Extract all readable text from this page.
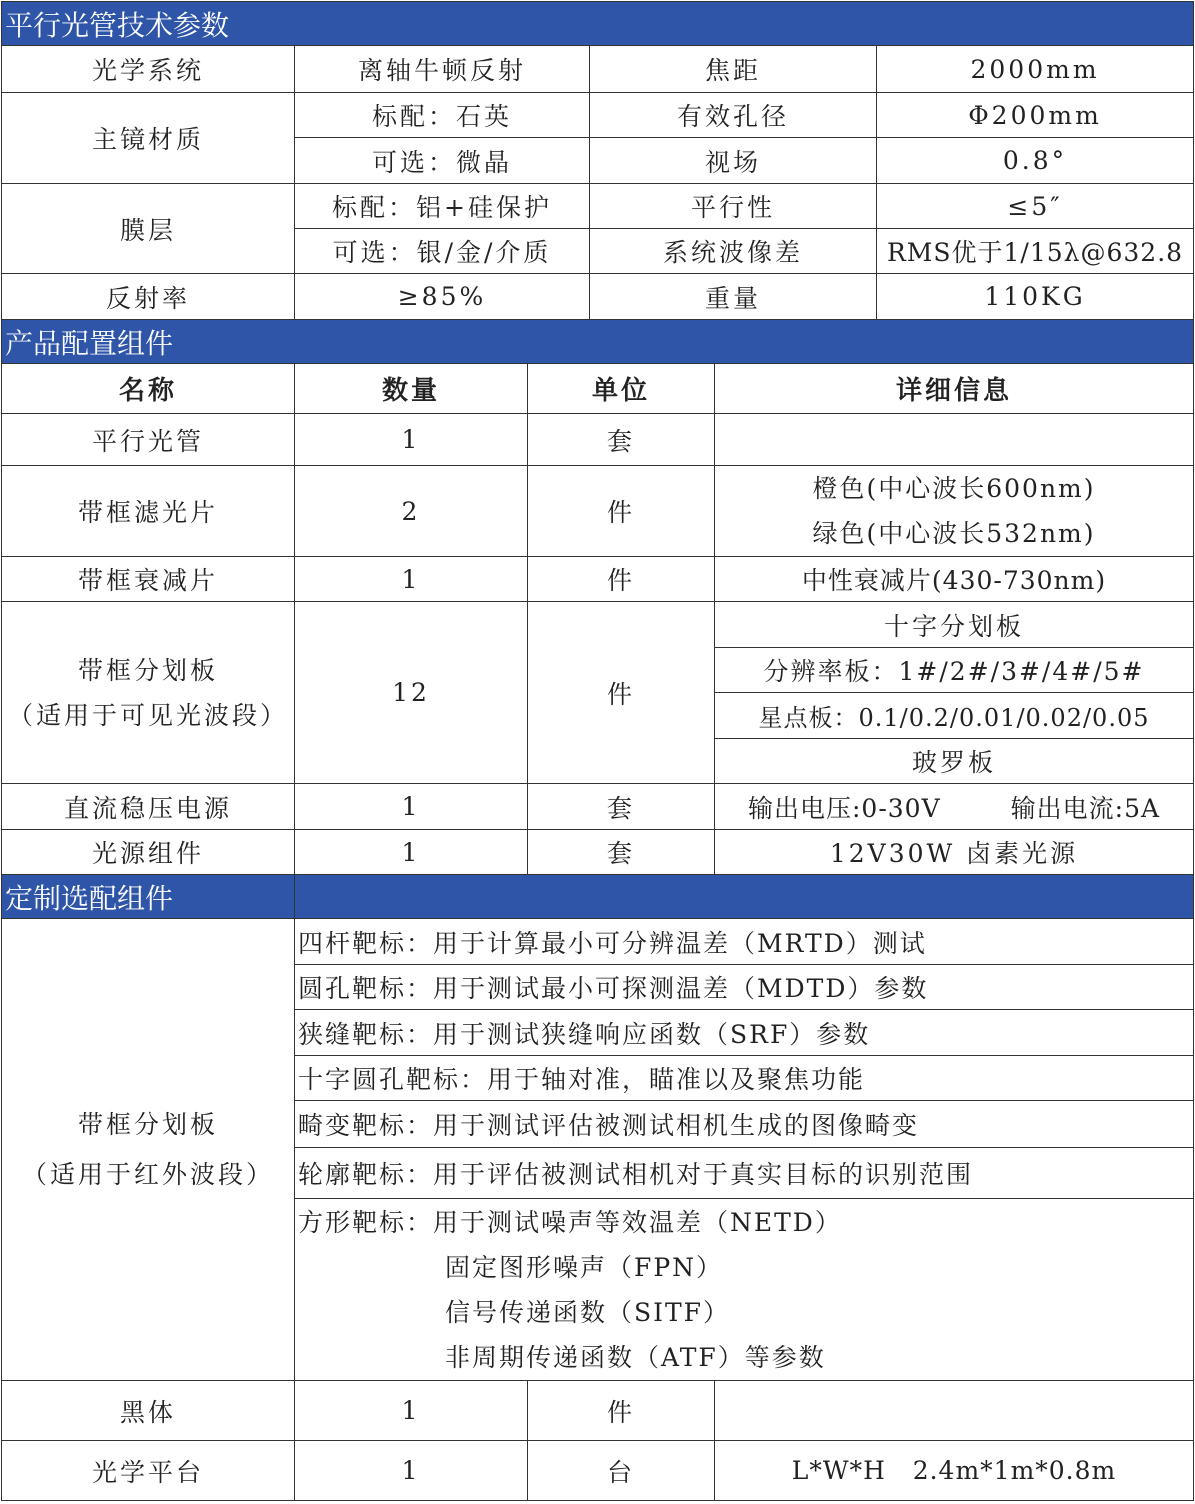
平行光管技术参数					
光学系统	离轴牛顿反射		焦距		2000mm
主镜材质	标配：石英		有效孔径		Φ200mm
	可选：微晶		视场		0.8°
膜层	标配：铝+硅保护		平行性		≤5″
	可选：银/金/介质		系统波像差		RMS优于1/15λ@632.8
反射率	≥85%		重量		110KG
产品配置组件					
名称	数量	单位		详细信息	
平行光管	1	套			
带框滤光片	2	件		橙色(中心波长600nm)
绿色(中心波长532nm)	

带框衰减片	1	件		中性衰减片(430-730nm)	

带框分划板
（适用于可见光波段）	12	件		十字分划板	
				分辨率板：1#/2#/3#/4#/5#	
				星点板：0.1/0.2/0.01/0.02/0.05	
				玻罗板	
直流稳压电源	1	套		输出电压:0-30V 输出电流:5A	
光源组件	1	套		12V30W 卤素光源	
定制选配组件					

带框分划板
（适用于红外波段）	四杆靶标：用于计算最小可分辨温差（MRTD）测试				
	圆孔靶标：用于测试最小可探测温差（MDTD）参数				
	狭缝靶标：用于测试狭缝响应函数（SRF）参数				
	十字圆孔靶标：用于轴对准，瞄准以及聚焦功能				
	畸变靶标：用于测试评估被测试相机生成的图像畸变				
	轮廓靶标：用于评估被测试相机对于真实目标的识别范围				

	方形靶标：用于测试噪声等效温差（NETD）
固定图形噪声（FPN）
信号传递函数（SITF）
非周期传递函数（ATF）等参数				

黑体	1	件			
光学平台	1	台		L*W*H   2.4m*1m*0.8m	
